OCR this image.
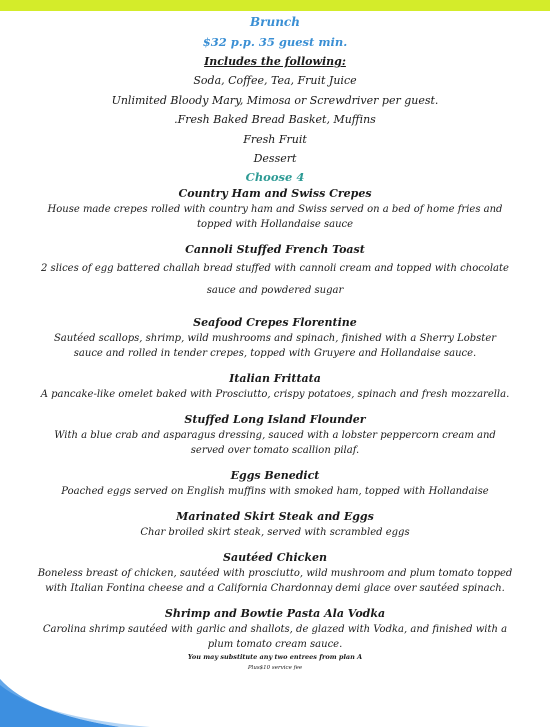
Brunch
$32 p.p. 35 guest min.
Includes the following:
Soda, Coffee, Tea, Fruit Juice
Unlimited Bloody Mary, Mimosa or Screwdriver per guest.
.Fresh Baked Bread Basket, Muffins
Fresh Fruit
Dessert
Choose 4
Country Ham and Swiss Crepes
House made crepes rolled with country ham and Swiss served on a bed of home fries and
topped with Hollandaise sauce
Cannoli Stuffed French Toast
2 slices of egg battered challah bread stuffed with cannoli cream and topped with chocolate
sauce and powdered sugar
Seafood Crepes Florentine
Sautéed scallops, shrimp, wild mushrooms and spinach, finished with a Sherry Lobster
sauce and rolled in tender crepes, topped with Gruyere and Hollandaise sauce.
Italian Frittata
A pancake-like omelet baked with Prosciutto, crispy potatoes, spinach and fresh mozzarella.
Stuffed Long Island Flounder
With a blue crab and asparagus dressing, sauced with a lobster peppercorn cream and
served over tomato scallion pilaf.
Eggs Benedict
Poached eggs served on English muffins with smoked ham, topped with Hollandaise
Marinated Skirt Steak and Eggs
Char broiled skirt steak, served with scrambled eggs
Sautéed Chicken
Boneless breast of chicken, sautéed with prosciutto, wild mushroom and plum tomato topped
with Italian Fontina cheese and a California Chardonnay demi glace over sautéed spinach.
Shrimp and Bowtie Pasta Ala Vodka
Carolina shrimp sautéed with garlic and shallots, de glazed with Vodka, and finished with a
plum tomato cream sauce.
You may substitute any two entrees from plan A
Plus$10 service fee
